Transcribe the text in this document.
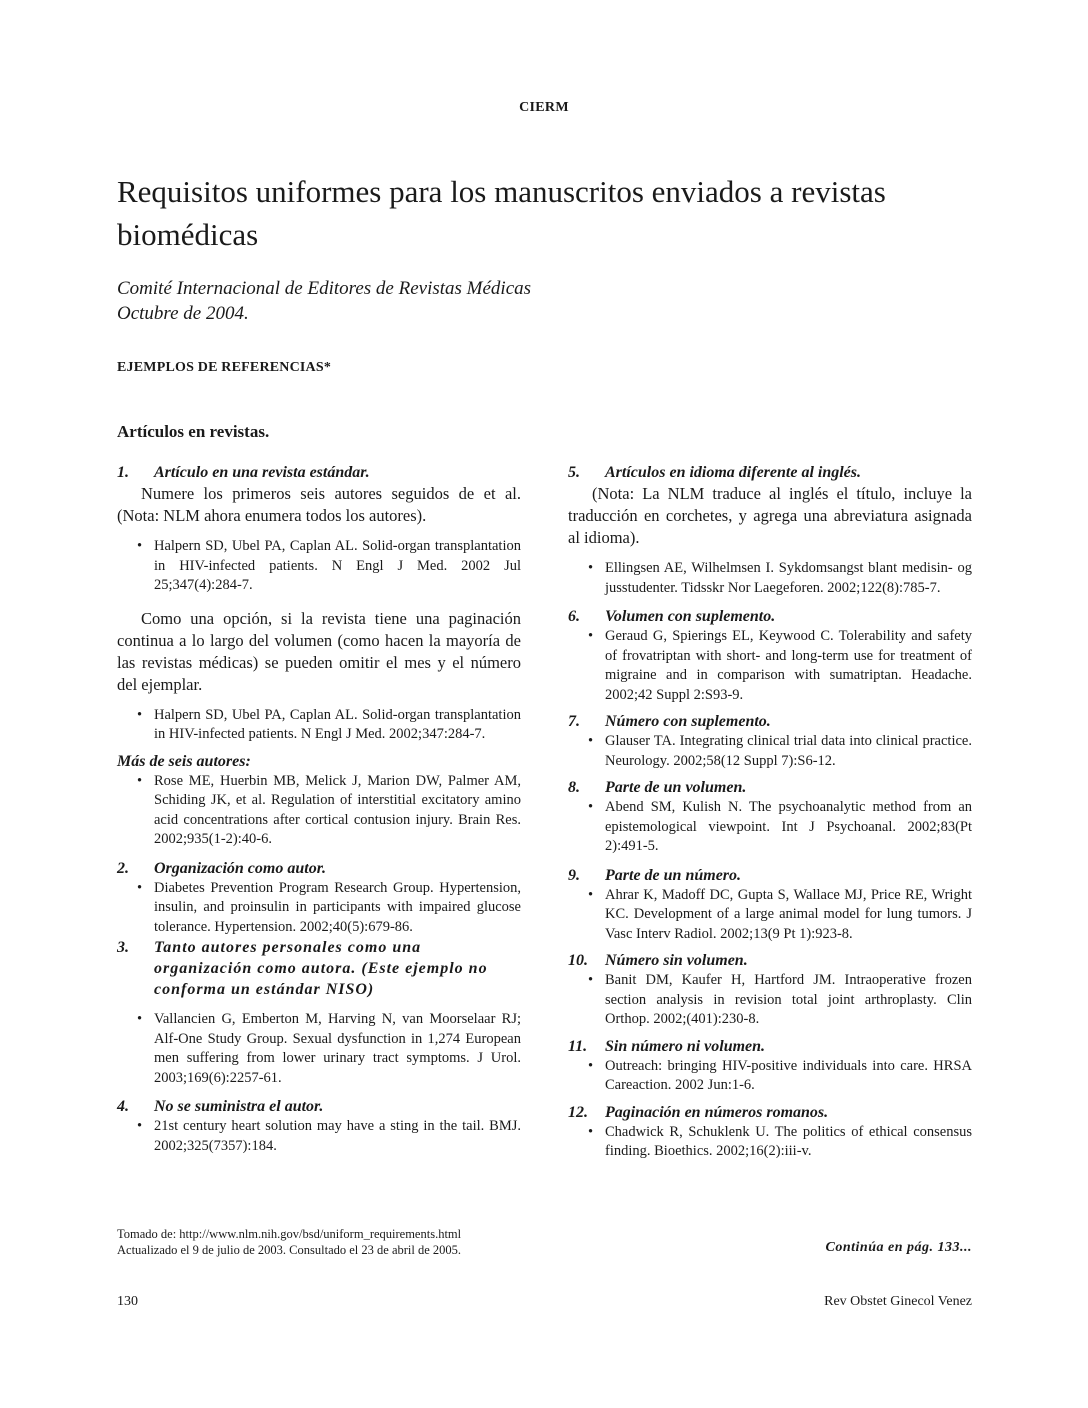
CIERM
Requisitos uniformes para los manuscritos enviados a revistas biomédicas
Comité Internacional de Editores de Revistas Médicas
Octubre de 2004.
EJEMPLOS DE REFERENCIAS*
Artículos en revistas.
1.	Artículo en una revista estándar.

Numere los primeros seis autores seguidos de et al. (Nota: NLM ahora enumera todos los autores).

• Halpern SD, Ubel PA, Caplan AL. Solid-organ transplantation in HIV-infected patients. N Engl J Med. 2002 Jul 25;347(4):284-7.

Como una opción, si la revista tiene una paginación continua a lo largo del volumen (como hacen la mayoría de las revistas médicas) se pueden omitir el mes y el número del ejemplar.

• Halpern SD, Ubel PA, Caplan AL. Solid-organ transplantation in HIV-infected patients. N Engl J Med. 2002;347:284-7.
Más de seis autores:
• Rose ME, Huerbin MB, Melick J, Marion DW, Palmer AM, Schiding JK, et al. Regulation of interstitial excitatory amino acid concentrations after cortical contusion injury. Brain Res. 2002;935(1-2):40-6.
2.	Organización como autor.
• Diabetes Prevention Program Research Group. Hypertension, insulin, and proinsulin in participants with impaired glucose tolerance. Hypertension. 2002;40(5):679-86.
3.	Tanto autores personales como una organización como autora. (Este ejemplo no conforma un estándar NISO)
• Vallancien G, Emberton M, Harving N, van Moorselaar RJ; Alf-One Study Group. Sexual dysfunction in 1,274 European men suffering from lower urinary tract symptoms. J Urol. 2003;169(6):2257-61.
4.	No se suministra el autor.
• 21st century heart solution may have a sting in the tail. BMJ. 2002;325(7357):184.
5.	Artículos en idioma diferente al inglés.

(Nota: La NLM traduce al inglés el título, incluye la traducción en corchetes, y agrega una abreviatura asignada al idioma).

• Ellingsen AE, Wilhelmsen I. Sykdomsangst blant medisin- og jusstudenter. Tidsskr Nor Laegeforen. 2002;122(8):785-7.
6.	Volumen con suplemento.
• Geraud G, Spierings EL, Keywood C. Tolerability and safety of frovatriptan with short- and long-term use for treatment of migraine and in comparison with sumatriptan. Headache. 2002;42 Suppl 2:S93-9.
7.	Número con suplemento.
• Glauser TA. Integrating clinical trial data into clinical practice. Neurology. 2002;58(12 Suppl 7):S6-12.
8.	Parte de un volumen.
• Abend SM, Kulish N. The psychoanalytic method from an epistemological viewpoint. Int J Psychoanal. 2002;83(Pt 2):491-5.
9.	Parte de un número.
• Ahrar K, Madoff DC, Gupta S, Wallace MJ, Price RE, Wright KC. Development of a large animal model for lung tumors. J Vasc Interv Radiol. 2002;13(9 Pt 1):923-8.
10.	Número sin volumen.
• Banit DM, Kaufer H, Hartford JM. Intraoperative frozen section analysis in revision total joint arthroplasty. Clin Orthop. 2002;(401):230-8.
11.	Sin número ni volumen.
• Outreach: bringing HIV-positive individuals into care. HRSA Careaction. 2002 Jun:1-6.
12.	Paginación en números romanos.
• Chadwick R, Schuklenk U. The politics of ethical consensus finding. Bioethics. 2002;16(2):iii-v.
Tomado de: http://www.nlm.nih.gov/bsd/uniform_requirements.html
Actualizado el 9 de julio de 2003. Consultado el 23 de abril de 2005.	Continúa en pág. 133...
130	Rev Obstet Ginecol Venez
